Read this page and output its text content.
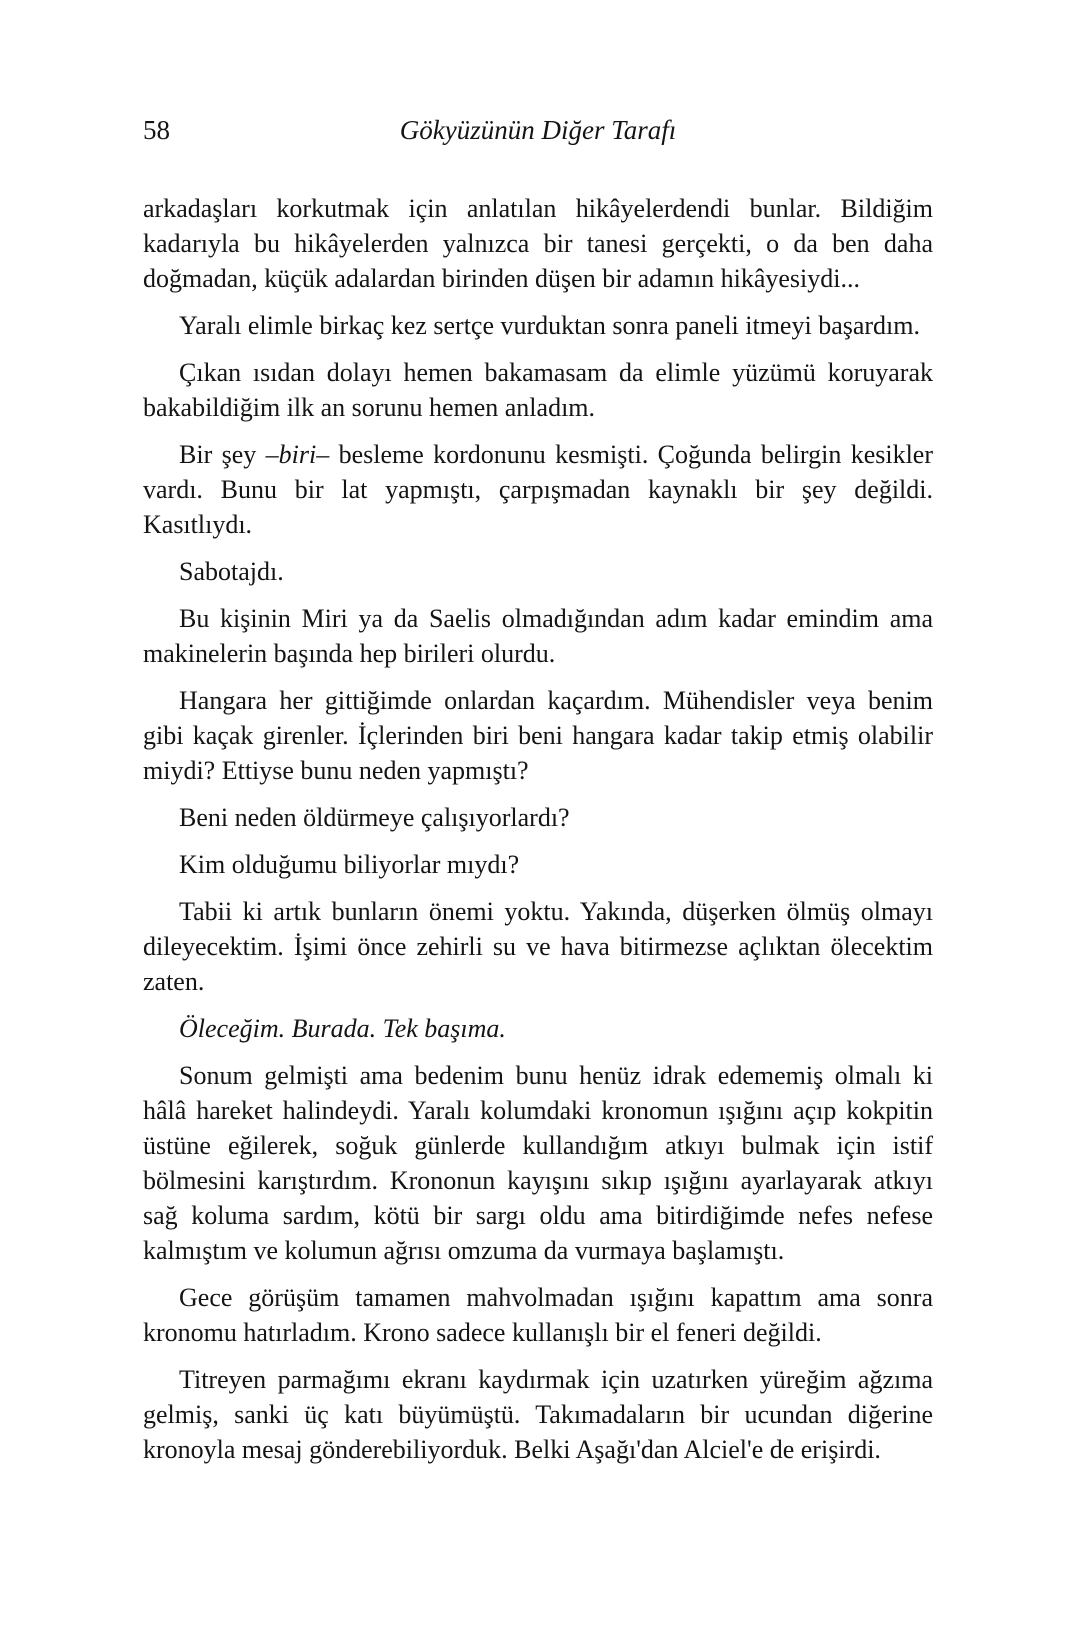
58	Gökyüzünün Diğer Tarafı

arkadaşları korkutmak için anlatılan hikâyelerdendi bunlar. Bildiğim kadarıyla bu hikâyelerden yalnızca bir tanesi gerçekti, o da ben daha doğmadan, küçük adalardan birinden düşen bir adamın hikâyesiydi...

Yaralı elimle birkaç kez sertçe vurduktan sonra paneli itmeyi başardım.

Çıkan ısıdan dolayı hemen bakamasam da elimle yüzümü koruyarak bakabildiğim ilk an sorunu hemen anladım.

Bir şey –biri– besleme kordonunu kesmişti. Çoğunda belirgin kesikler vardı. Bunu bir lat yapmıştı, çarpışmadan kaynaklı bir şey değildi. Kasıtlıydı.

Sabotajdı.

Bu kişinin Miri ya da Saelis olmadığından adım kadar emindim ama makinelerin başında hep birileri olurdu.

Hangara her gittiğimde onlardan kaçardım. Mühendisler veya benim gibi kaçak girenler. İçlerinden biri beni hangara kadar takip etmiş olabilir miydi? Ettiyse bunu neden yapmıştı?

Beni neden öldürmeye çalışıyorlardı?

Kim olduğumu biliyorlar mıydı?

Tabii ki artık bunların önemi yoktu. Yakında, düşerken ölmüş olmayı dileyecektim. İşimi önce zehirli su ve hava bitirmezse açlıktan ölecektim zaten.

Öleceğim. Burada. Tek başıma.

Sonum gelmişti ama bedenim bunu henüz idrak edememiş olmalı ki hâlâ hareket halindeydi. Yaralı kolumdaki kronomun ışığını açıp kokpitin üstüne eğilerek, soğuk günlerde kullandığım atkıyı bulmak için istif bölmesini karıştırdım. Krononun kayışını sıkıp ışığını ayarlayarak atkıyı sağ koluma sardım, kötü bir sargı oldu ama bitirdiğimde nefes nefese kalmıştım ve kolumun ağrısı omzuma da vurmaya başlamıştı.

Gece görüşüm tamamen mahvolmadan ışığını kapattım ama sonra kronomu hatırladım. Krono sadece kullanışlı bir el feneri değildi.

Titreyen parmağımı ekranı kaydırmak için uzatırken yüreğim ağzıma gelmiş, sanki üç katı büyümüştü. Takımadaların bir ucundan diğerine kronoyla mesaj gönderebiliyorduk. Belki Aşağı'dan Alciel'e de erişirdi.
